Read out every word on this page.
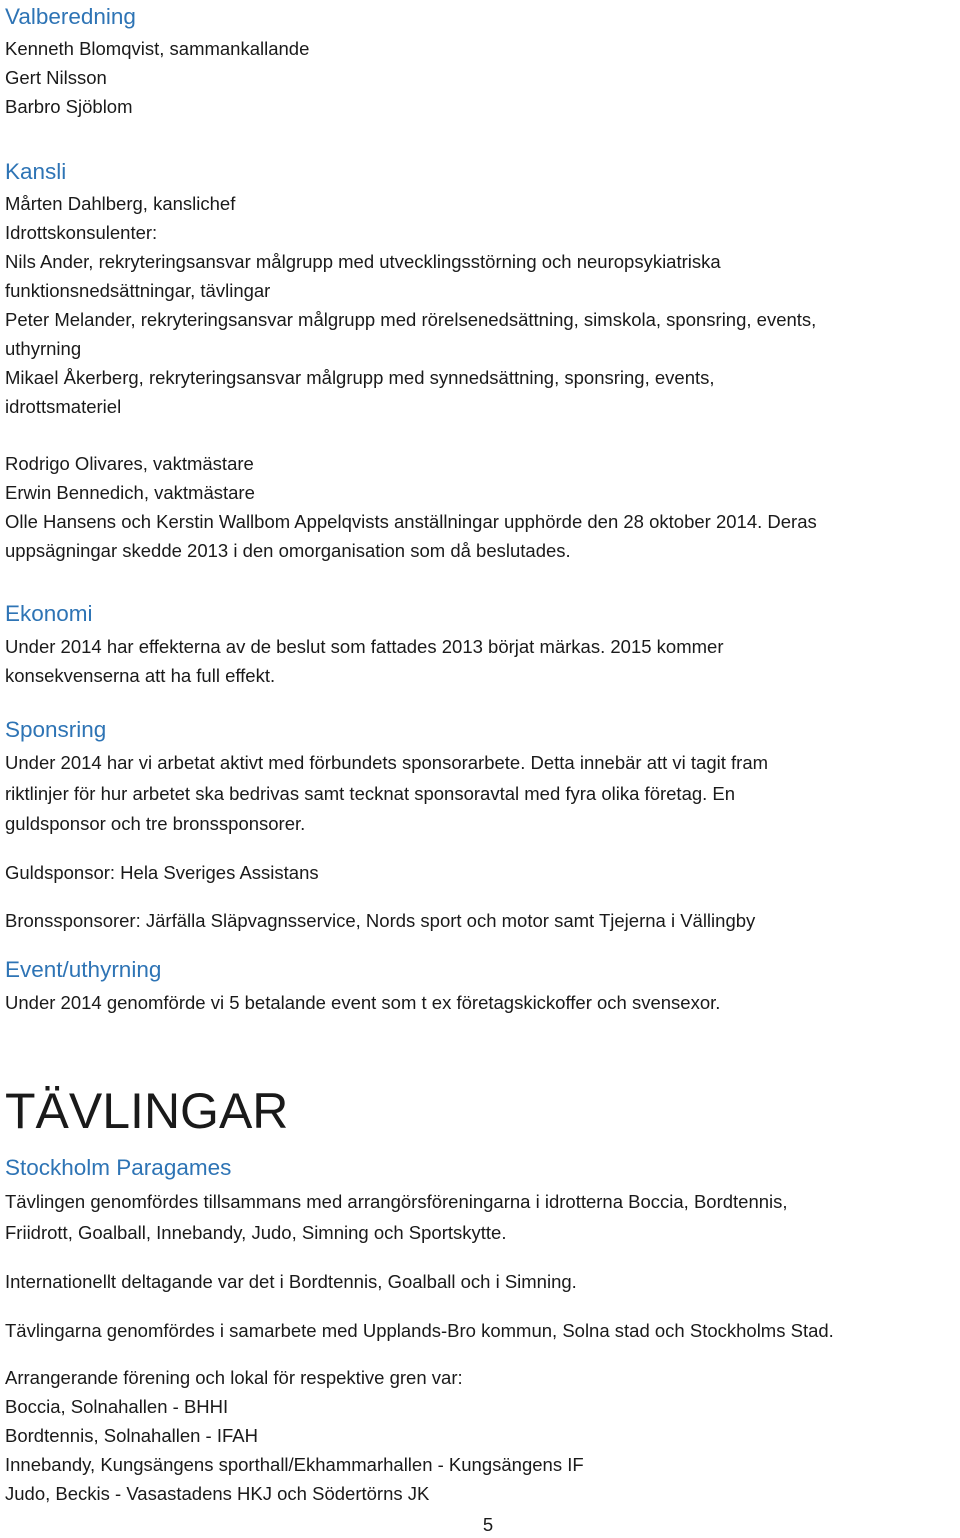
Valberedning
Kenneth Blomqvist, sammankallande
Gert Nilsson
Barbro Sjöblom
Kansli
Mårten Dahlberg, kanslichef
Idrottskonsulenter:
Nils Ander, rekryteringsansvar målgrupp med utvecklingsstörning och neuropsykiatriska
funktionsnedsättningar, tävlingar
Peter Melander, rekryteringsansvar målgrupp med rörelsenedsättning, simskola, sponsring, events,
uthyrning
Mikael Åkerberg, rekryteringsansvar målgrupp med synnedsättning, sponsring, events,
idrottsmateriel
Rodrigo Olivares, vaktmästare
Erwin Bennedich, vaktmästare
Olle Hansens och Kerstin Wallbom Appelqvists anställningar upphörde den 28 oktober 2014. Deras
uppsägningar skedde 2013 i den omorganisation som då beslutades.
Ekonomi
Under 2014 har effekterna av de beslut som fattades 2013 börjat märkas. 2015 kommer
konsekvenserna att ha full effekt.
Sponsring
Under 2014 har vi arbetat aktivt med förbundets sponsorarbete. Detta innebär att vi tagit fram
riktlinjer för hur arbetet ska bedrivas samt tecknat sponsoravtal med fyra olika företag. En
guldsponsor och tre bronssponsorer.
Guldsponsor: Hela Sveriges Assistans
Bronssponsorer: Järfälla Släpvagnsservice, Nords sport och motor samt Tjejerna i Vällingby
Event/uthyrning
Under 2014 genomförde vi 5 betalande event som t ex företagskickoffer och svensexor.
TÄVLINGAR
Stockholm Paragames
Tävlingen genomfördes tillsammans med arrangörsföreningarna i idrotterna Boccia, Bordtennis,
Friidrott, Goalball, Innebandy, Judo, Simning och Sportskytte.
Internationellt deltagande var det i Bordtennis, Goalball och i Simning.
Tävlingarna genomfördes i samarbete med Upplands-Bro kommun, Solna stad och Stockholms Stad.
Arrangerande förening och lokal för respektive gren var:
Boccia, Solnahallen - BHHI
Bordtennis, Solnahallen - IFAH
Innebandy, Kungsängens sporthall/Ekhammarhallen - Kungsängens IF
Judo, Beckis - Vasastadens HKJ och Södertörns JK
5
